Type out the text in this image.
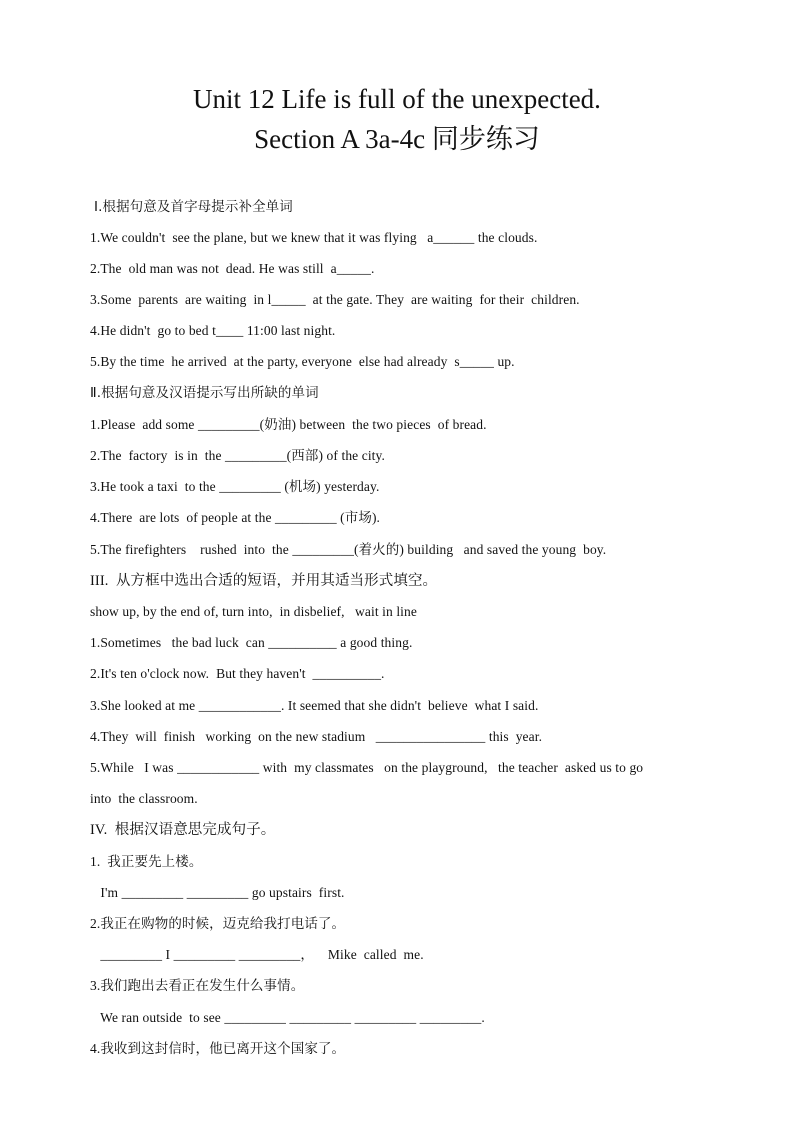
Unit 12 Life is full of the unexpected.
Section A 3a-4c 同步练习
Ⅰ.根据句意及首字母提示补全单词
1.We couldn't  see the plane, but we knew that it was flying   a______ the clouds.
2.The  old man was not  dead. He was still  a_____.
3.Some  parents  are waiting  in l_____  at the gate. They  are waiting  for their  children.
4.He didn't  go to bed t____ 11:00 last night.
5.By the time  he arrived  at the party, everyone  else had already  s_____ up.
Ⅱ.根据句意及汉语提示写出所缺的单词
1.Please  add some _________(奶油) between  the two pieces  of bread.
2.The  factory  is in  the _________(西部) of the city.
3.He took a taxi  to the _________ (机场) yesterday.
4.There  are lots  of people at the _________ (市场).
5.The firefighters    rushed  into  the _________(着火的) building   and saved the young  boy.
III.  从方框中选出合适的短语，并用其适当形式填空。
show up, by the end of, turn into,  in disbelief,   wait in line
1.Sometimes   the bad luck  can __________ a good thing.
2.It's ten o'clock now.  But they haven't  __________.
3.She looked at me ____________. It seemed that she didn't  believe  what I said.
4.They  will  finish   working  on the new stadium   ________________ this  year.
5.While   I was ____________ with  my classmates   on the playground,   the teacher  asked us to go
into  the classroom.
IV.  根据汉语意思完成句子。
1.  我正要先上楼。
I'm _________ _________ go upstairs  first.
2.我正在购物的时候，迈克给我打电话了。
_________ I _________ _________，    Mike  called  me.
3.我们跑出去看正在发生什么事情。
We ran outside  to see _________ _________ _________ _________.
4.我收到这封信时，他已离开这个国家了。
